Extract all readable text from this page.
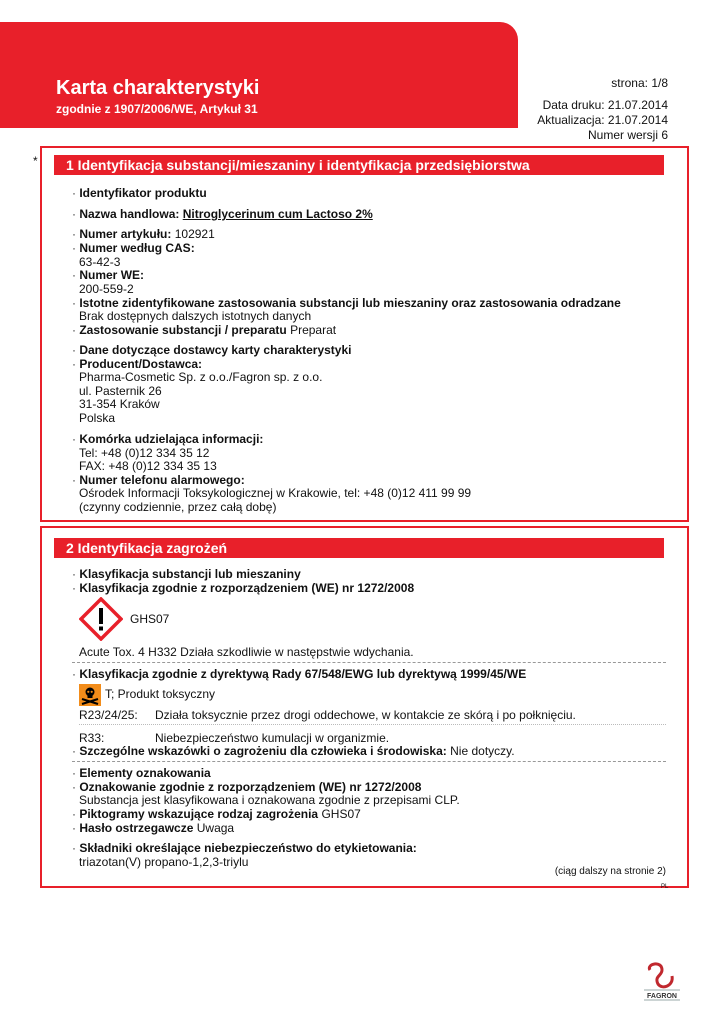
Karta charakterystyki
zgodnie z 1907/2006/WE, Artykuł 31
strona: 1/8
Data druku: 21.07.2014
Aktualizacja: 21.07.2014
Numer wersji 6
*	1 Identyfikacja substancji/mieszaniny i identyfikacja przedsiębiorstwa
· Identyfikator produktu
· Nazwa handlowa: Nitroglycerinum cum Lactoso 2%
· Numer artykułu: 102921
· Numer według CAS:
63-42-3
· Numer WE:
200-559-2
· Istotne zidentyfikowane zastosowania substancji lub mieszaniny oraz zastosowania odradzane
Brak dostępnych dalszych istotnych danych
· Zastosowanie substancji / preparatu Preparat
· Dane dotyczące dostawcy karty charakterystyki
· Producent/Dostawca:
Pharma-Cosmetic Sp. z o.o./Fagron sp. z o.o.
ul. Pasternik 26
31-354 Kraków
Polska
· Komórka udzielająca informacji:
Tel: +48 (0)12 334 35 12
FAX: +48 (0)12 334 35 13
· Numer telefonu alarmowego:
Ośrodek Informacji Toksykologicznej w Krakowie, tel: +48 (0)12 411 99 99
(czynny codziennie, przez całą dobę)
2 Identyfikacja zagrożeń
· Klasyfikacja substancji lub mieszaniny
· Klasyfikacja zgodnie z rozporządzeniem (WE) nr 1272/2008
GHS07
Acute Tox. 4 H332 Działa szkodliwie w następstwie wdychania.
· Klasyfikacja zgodnie z dyrektywą Rady 67/548/EWG lub dyrektywą 1999/45/WE
T; Produkt toksyczny
R23/24/25: Działa toksycznie przez drogi oddechowe, w kontakcie ze skórą i po połknięciu.
R33:	Niebezpieczeństwo kumulacji w organizmie.
· Szczególne wskazówki o zagrożeniu dla człowieka i środowiska: Nie dotyczy.
· Elementy oznakowania
· Oznakowanie zgodnie z rozporządzeniem (WE) nr 1272/2008
Substancja jest klasyfikowana i oznakowana zgodnie z przepisami CLP.
· Piktogramy wskazujące rodzaj zagrożenia GHS07
· Hasło ostrzegawcze Uwaga
· Składniki określające niebezpieczeństwo do etykietowania:
triazotan(V) propano-1,2,3-triylu
(ciąg dalszy na stronie 2)
PL
FAGRON
